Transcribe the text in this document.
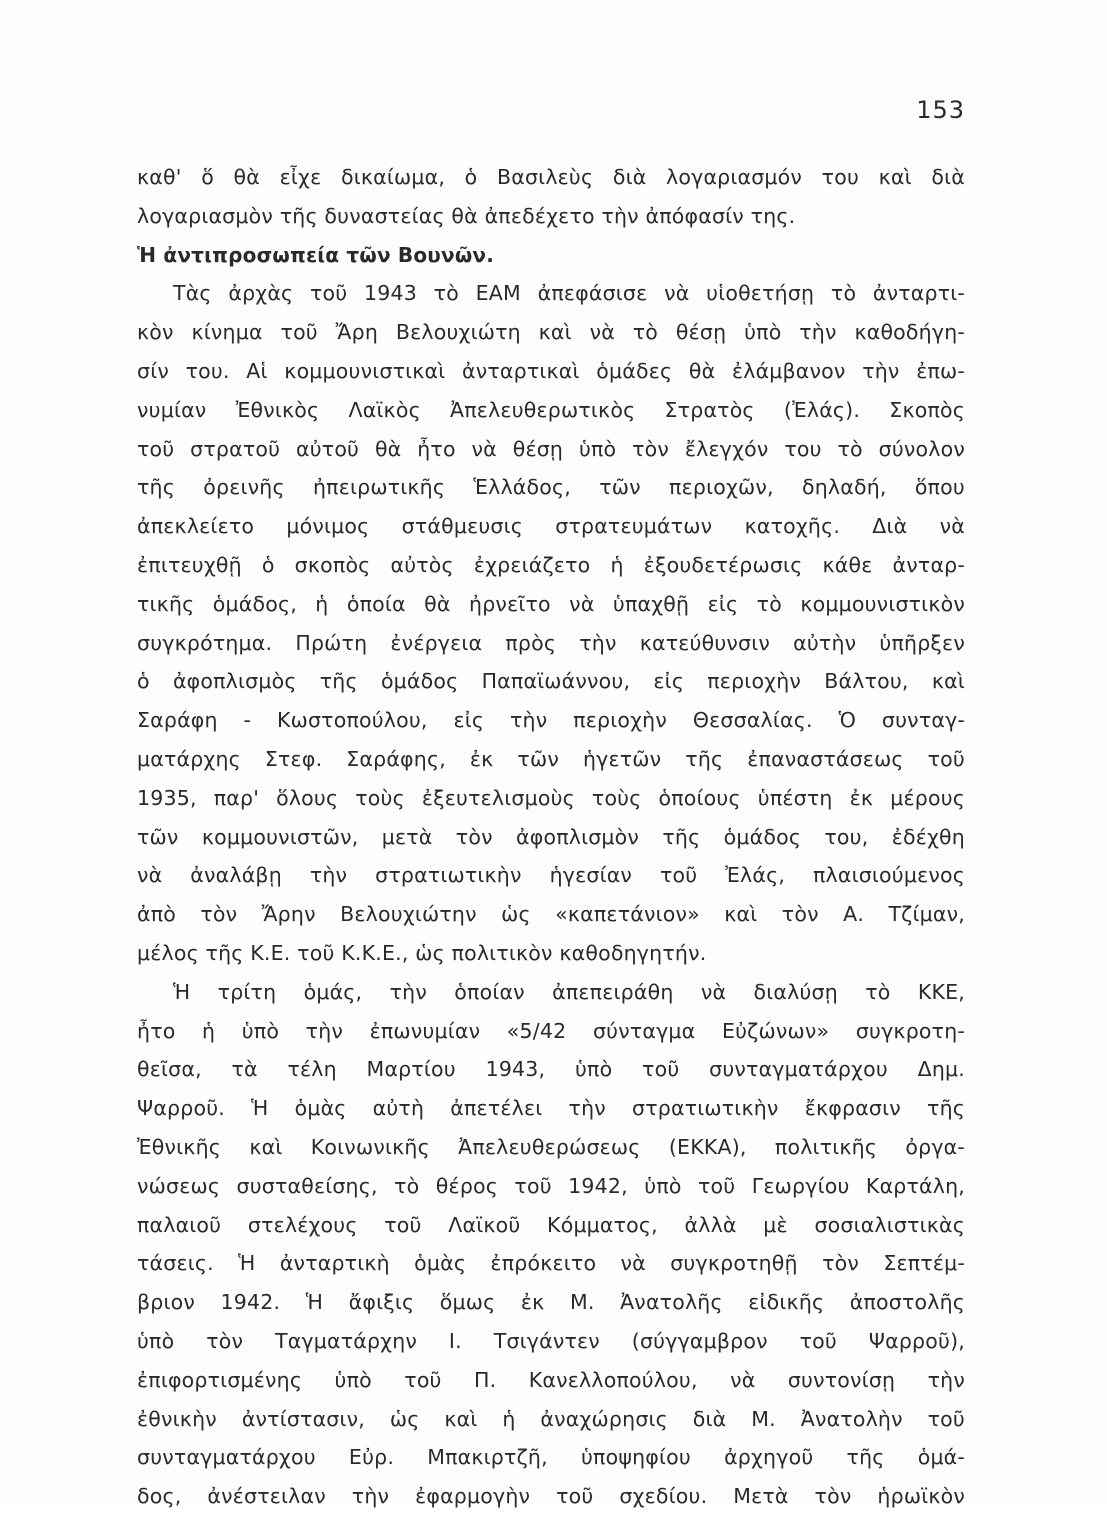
153
καθ' ὅ θὰ εἶχε δικαίωμα, ὁ Βασιλεὺς διὰ λογαριασμόν του καὶ διὰ
λογαριασμὸν τῆς δυναστείας θὰ ἀπεδέχετο τὴν ἀπόφασίν της.
Ἡ ἀντιπροσωπεία τῶν Βουνῶν.
Τὰς ἀρχὰς τοῦ 1943 τὸ ΕΑΜ ἀπεφάσισε νὰ υἱοθετήσῃ τὸ ἀνταρτι-
κὸν κίνημα τοῦ Ἄρη Βελουχιώτη καὶ νὰ τὸ θέσῃ ὑπὸ τὴν καθοδήγη-
σίν του. Αἱ κομμουνιστικαὶ ἀνταρτικαὶ ὁμάδες θὰ ἐλάμβανον τὴν ἐπω-
νυμίαν Ἐθνικὸς Λαϊκὸς Ἀπελευθερωτικὸς Στρατὸς (Ἐλάς). Σκοπὸς
τοῦ στρατοῦ αὐτοῦ θὰ ἦτο νὰ θέσῃ ὑπὸ τὸν ἔλεγχόν του τὸ σύνολον
τῆς ὀρεινῆς ἠπειρωτικῆς Ἑλλάδος, τῶν περιοχῶν, δηλαδή, ὅπου
ἀπεκλείετο μόνιμος στάθμευσις στρατευμάτων κατοχῆς. Διὰ νὰ
ἐπιτευχθῇ ὁ σκοπὸς αὐτὸς ἐχρειάζετο ἡ ἐξουδετέρωσις κάθε ἀνταρ-
τικῆς ὁμάδος, ἡ ὁποία θὰ ἠρνεῖτο νὰ ὑπαχθῇ εἰς τὸ κομμουνιστικὸν
συγκρότημα. Πρώτη ἐνέργεια πρὸς τὴν κατεύθυνσιν αὐτὴν ὑπῆρξεν
ὁ ἀφοπλισμὸς τῆς ὁμάδος Παπαϊωάννου, εἰς περιοχὴν Βάλτου, καὶ
Σαράφη - Κωστοπούλου, εἰς τὴν περιοχὴν Θεσσαλίας. Ὁ συνταγ-
ματάρχης Στεφ. Σαράφης, ἐκ τῶν ἡγετῶν τῆς ἐπαναστάσεως τοῦ
1935, παρ' ὅλους τοὺς ἐξευτελισμοὺς τοὺς ὁποίους ὑπέστη ἐκ μέρους
τῶν κομμουνιστῶν, μετὰ τὸν ἀφοπλισμὸν τῆς ὁμάδος του, ἐδέχθη
νὰ ἀναλάβῃ τὴν στρατιωτικὴν ἡγεσίαν τοῦ Ἐλάς, πλαισιούμενος
ἀπὸ τὸν Ἄρην Βελουχιώτην ὡς «καπετάνιον» καὶ τὸν Α. Τζίμαν,
μέλος τῆς Κ.Ε. τοῦ Κ.Κ.Ε., ὡς πολιτικὸν καθοδηγητήν.
Ἡ τρίτη ὁμάς, τὴν ὁποίαν ἀπεπειράθη νὰ διαλύσῃ τὸ ΚΚΕ,
ἦτο ἡ ὑπὸ τὴν ἐπωνυμίαν «5/42 σύνταγμα Εὐζώνων» συγκροτη-
θεῖσα, τὰ τέλη Μαρτίου 1943, ὑπὸ τοῦ συνταγματάρχου Δημ.
Ψαρροῦ. Ἡ ὁμὰς αὐτὴ ἀπετέλει τὴν στρατιωτικὴν ἔκφρασιν τῆς
Ἐθνικῆς καὶ Κοινωνικῆς Ἀπελευθερώσεως (ΕΚΚΑ), πολιτικῆς ὀργα-
νώσεως συσταθείσης, τὸ θέρος τοῦ 1942, ὑπὸ τοῦ Γεωργίου Καρτάλη,
παλαιοῦ στελέχους τοῦ Λαϊκοῦ Κόμματος, ἀλλὰ μὲ σοσιαλιστικὰς
τάσεις. Ἡ ἀνταρτικὴ ὁμὰς ἐπρόκειτο νὰ συγκροτηθῇ τὸν Σεπτέμ-
βριον 1942. Ἡ ἄφιξις ὅμως ἐκ Μ. Ἀνατολῆς εἰδικῆς ἀποστολῆς
ὑπὸ τὸν Ταγματάρχην Ι. Τσιγάντεν (σύγγαμβρον τοῦ Ψαρροῦ),
ἐπιφορτισμένης ὑπὸ τοῦ Π. Κανελλοπούλου, νὰ συντονίσῃ τὴν
ἐθνικὴν ἀντίστασιν, ὡς καὶ ἡ ἀναχώρησις διὰ Μ. Ἀνατολὴν τοῦ
συνταγματάρχου Εὐρ. Μπακιρτζῆ, ὑποψηφίου ἀρχηγοῦ τῆς ὁμά-
δος, ἀνέστειλαν τὴν ἐφαρμογὴν τοῦ σχεδίου. Μετὰ τὸν ἡρωϊκὸν
